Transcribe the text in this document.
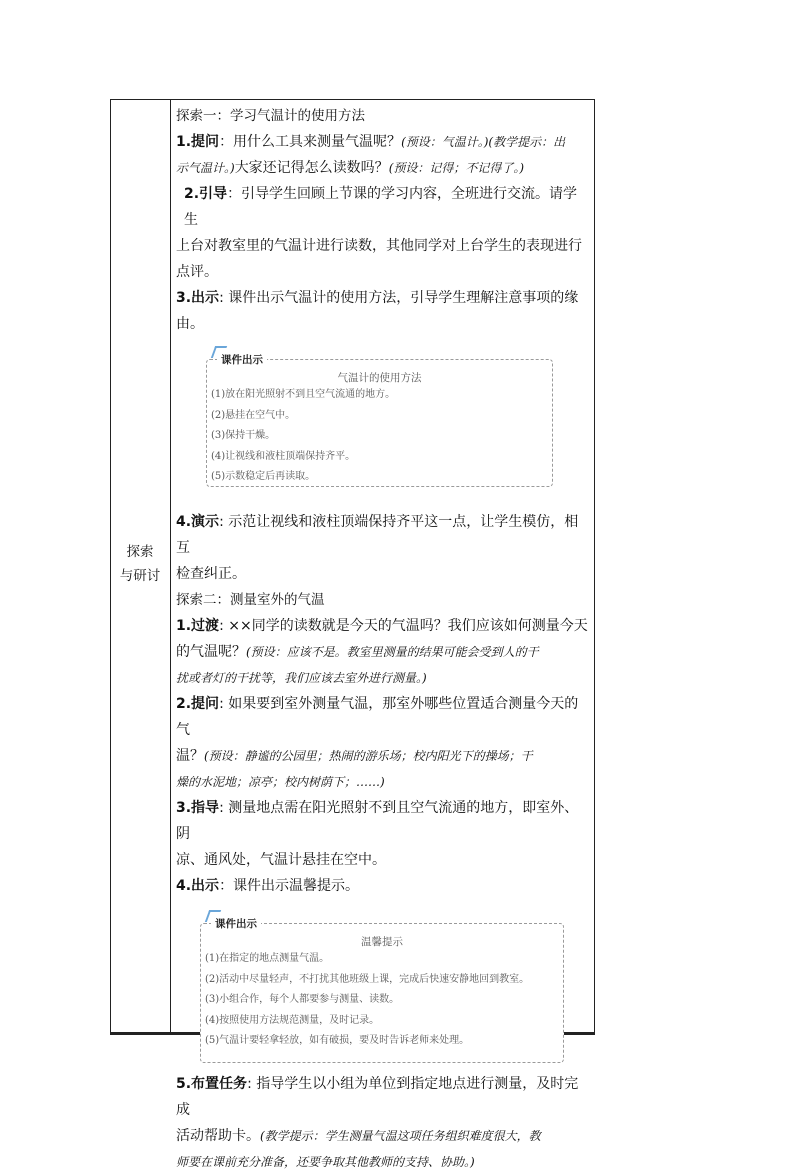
探索
与研讨

探索一：学习气温计的使用方法

1.提问：用什么工具来测量气温呢？(预设：气温计。)(教学提示：出

示气温计。)大家还记得怎么读数吗？(预设：记得；不记得了。)

2.引导：引导学生回顾上节课的学习内容，全班进行交流。请学生

上台对教室里的气温计进行读数，其他同学对上台学生的表现进行

点评。

3.出示: 课件出示气温计的使用方法，引导学生理解注意事项的缘由。

课件出示
气温计的使用方法
(1)放在阳光照射不到且空气流通的地方。
(2)悬挂在空气中。
(3)保持干燥。
(4)让视线和液柱顶端保持齐平。
(5)示数稳定后再读取。

4.演示: 示范让视线和液柱顶端保持齐平这一点，让学生模仿，相互

检查纠正。

探索二：测量室外的气温

1.过渡: ××同学的读数就是今天的气温吗？我们应该如何测量今天

的气温呢？(预设：应该不是。教室里测量的结果可能会受到人的干

扰或者灯的干扰等，我们应该去室外进行测量。)

2.提问: 如果要到室外测量气温，那室外哪些位置适合测量今天的气

温？(预设：静谧的公园里；热闹的游乐场；校内阳光下的操场；干

燥的水泥地；凉亭；校内树荫下；……)

3.指导: 测量地点需在阳光照射不到且空气流通的地方，即室外、阴

凉、通风处，气温计悬挂在空中。

4.出示：课件出示温馨提示。

课件出示
温馨提示
(1)在指定的地点测量气温。
(2)活动中尽量轻声，不打扰其他班级上课，完成后快速安静地回到教室。
(3)小组合作，每个人都要参与测量、读数。
(4)按照使用方法规范测量，及时记录。
(5)气温计要轻拿轻放，如有破损，要及时告诉老师来处理。

5.布置任务: 指导学生以小组为单位到指定地点进行测量，及时完成

活动帮助卡。(教学提示：学生测量气温这项任务组织难度很大，教

师要在课前充分准备，还要争取其他教师的支持、协助。)
